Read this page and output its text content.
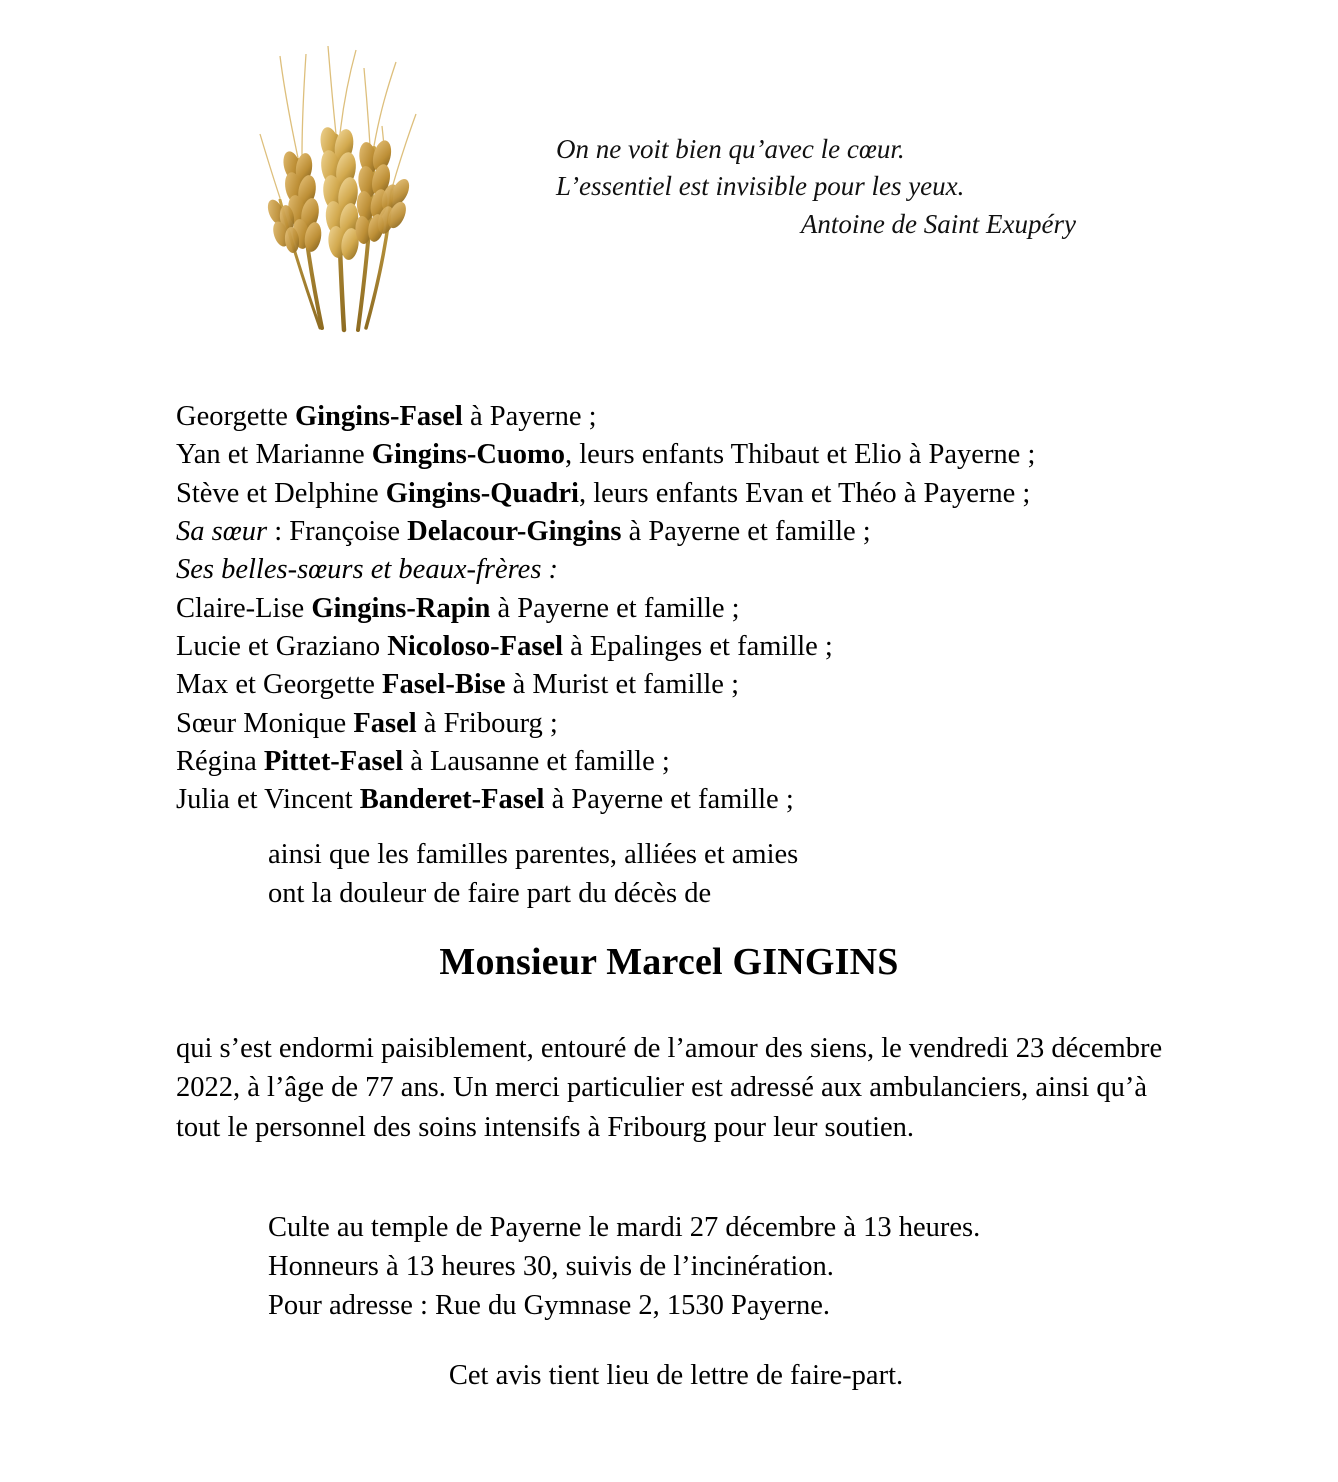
On ne voit bien qu’avec le cœur.
L’essentiel est invisible pour les yeux.
Antoine de Saint Exupéry
Georgette Gingins-Fasel à Payerne ;
Yan et Marianne Gingins-Cuomo, leurs enfants Thibaut et Elio à Payerne ;
Stève et Delphine Gingins-Quadri, leurs enfants Evan et Théo à Payerne ;
Sa sœur : Françoise Delacour-Gingins à Payerne et famille ;
Ses belles-sœurs et beaux-frères :
Claire-Lise Gingins-Rapin à Payerne et famille ;
Lucie et Graziano Nicoloso-Fasel à Epalinges et famille ;
Max et Georgette Fasel-Bise à Murist et famille ;
Sœur Monique Fasel à Fribourg ;
Régina Pittet-Fasel à Lausanne et famille ;
Julia et Vincent Banderet-Fasel à Payerne et famille ;
ainsi que les familles parentes, alliées et amies
ont la douleur de faire part du décès de
Monsieur Marcel GINGINS
qui s’est endormi paisiblement, entouré de l’amour des siens, le vendredi 23 décembre 2022, à l’âge de 77 ans. Un merci particulier est adressé aux ambulanciers, ainsi qu’à tout le personnel des soins intensifs à Fribourg pour leur soutien.
Culte au temple de Payerne le mardi 27 décembre à 13 heures.
Honneurs à 13 heures 30, suivis de l’incinération.
Pour adresse : Rue du Gymnase 2, 1530 Payerne.
Cet avis tient lieu de lettre de faire-part.
